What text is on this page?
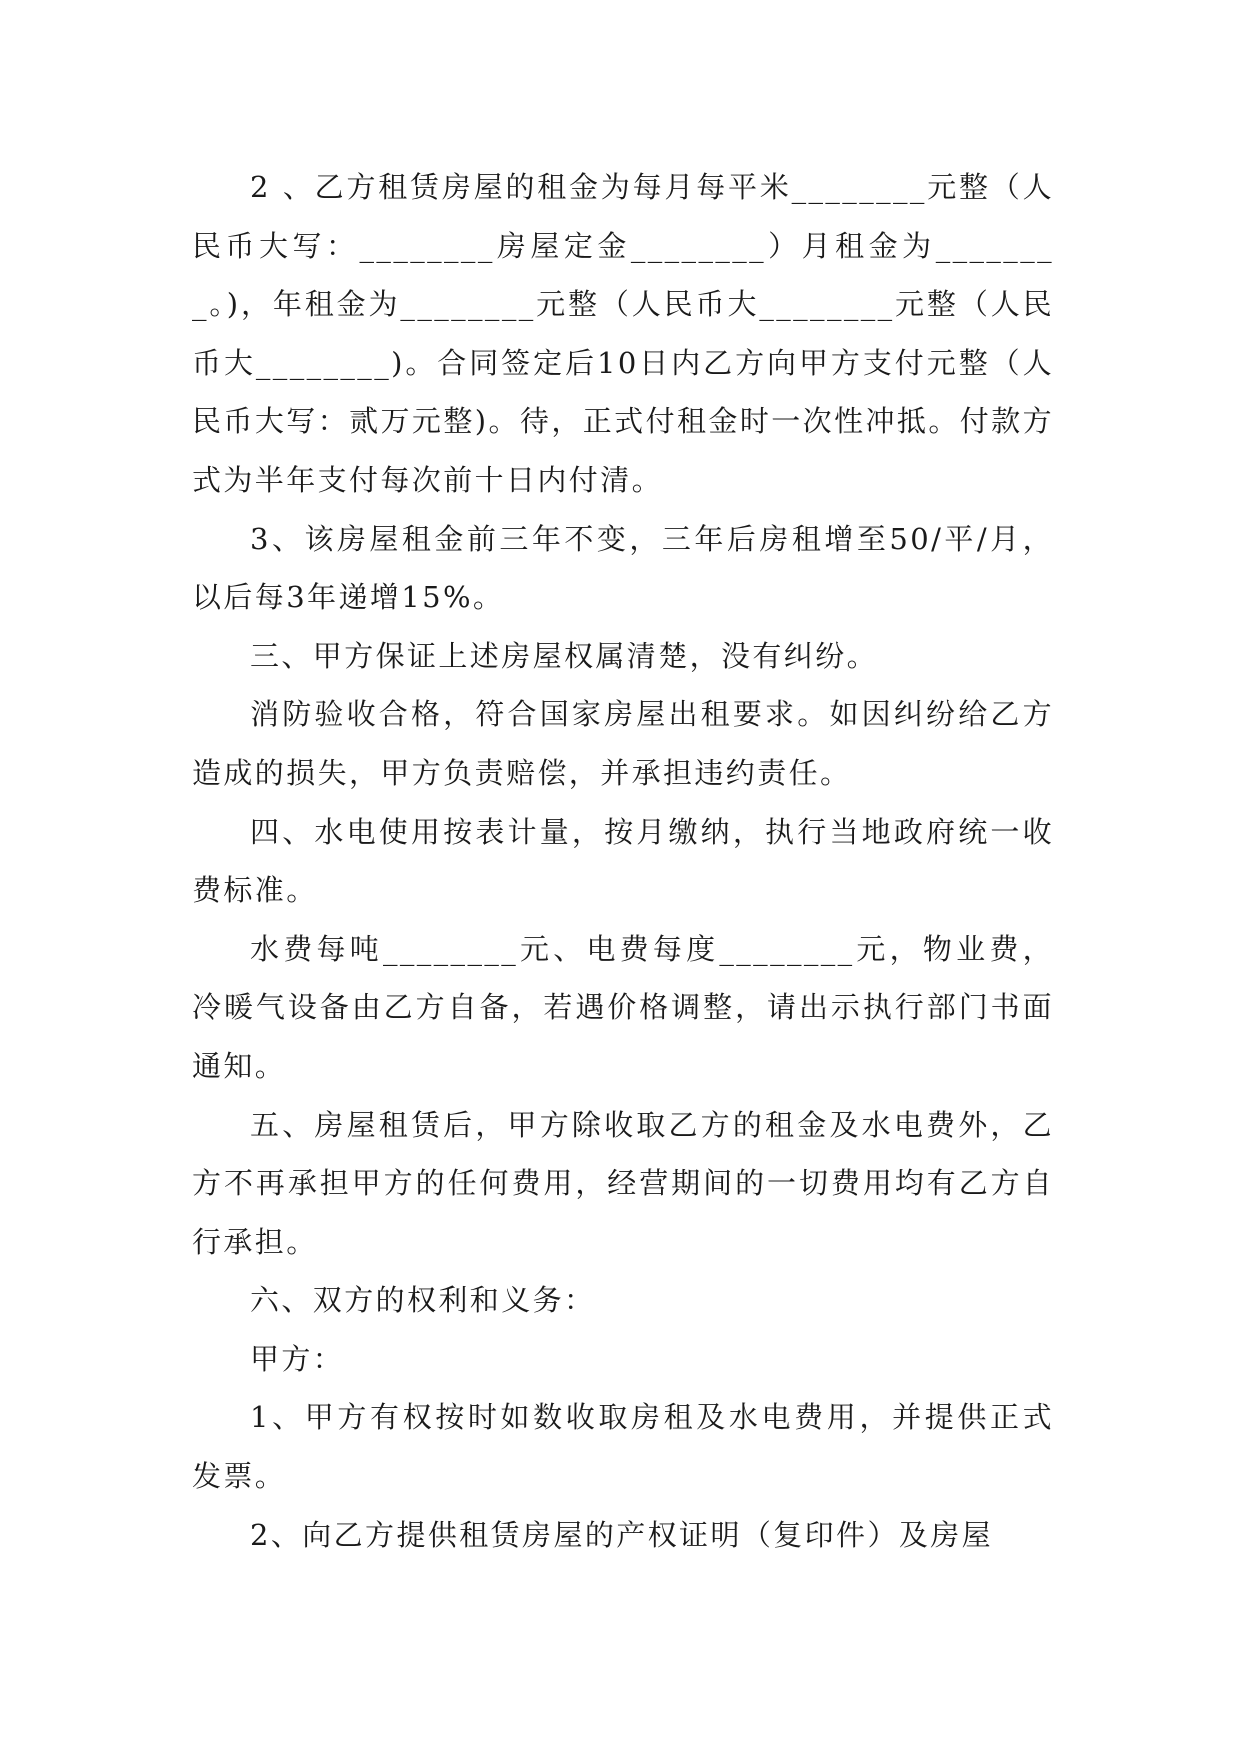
2 、乙方租赁房屋的租金为每月每平米________元整（人民币大写：________房屋定金________）月租金为________。)，年租金为________元整（人民币大________元整（人民币大________)。合同签定后10日内乙方向甲方支付元整（人民币大写：贰万元整)。待，正式付租金时一次性冲抵。付款方式为半年支付每次前十日内付清。

3、该房屋租金前三年不变，三年后房租增至50/平/月，以后每3年递增15%。

三、甲方保证上述房屋权属清楚，没有纠纷。

消防验收合格，符合国家房屋出租要求。如因纠纷给乙方造成的损失，甲方负责赔偿，并承担违约责任。

四、水电使用按表计量，按月缴纳，执行当地政府统一收费标准。

水费每吨________元、电费每度________元，物业费，冷暖气设备由乙方自备，若遇价格调整，请出示执行部门书面通知。

五、房屋租赁后，甲方除收取乙方的租金及水电费外，乙方不再承担甲方的任何费用，经营期间的一切费用均有乙方自行承担。

六、双方的权利和义务：

甲方：

1、甲方有权按时如数收取房租及水电费用，并提供正式发票。

2、向乙方提供租赁房屋的产权证明（复印件）及房屋
